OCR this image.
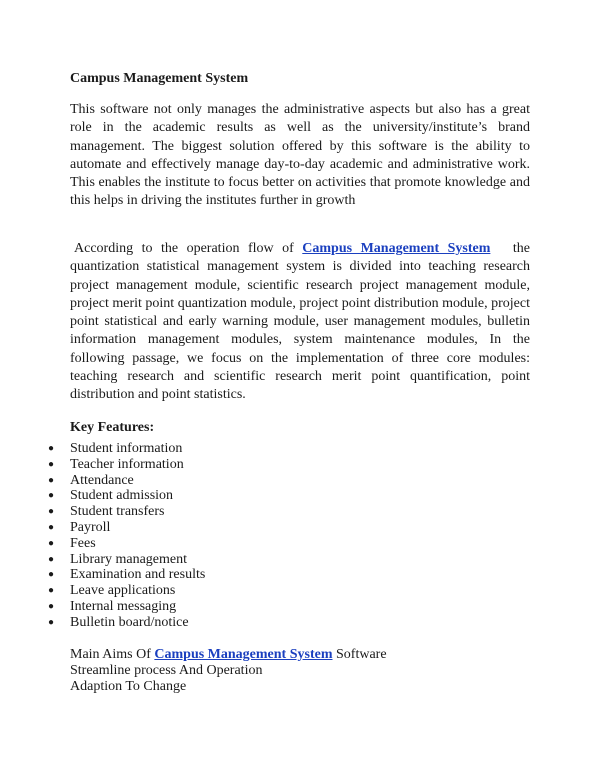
Campus Management System

This software not only manages the administrative aspects but also has a great role in the academic results as well as the university/institute’s brand management. The biggest solution offered by this software is the ability to automate and effectively manage day-to-day academic and administrative work. This enables the institute to focus better on activities that promote knowledge and this helps in driving the institutes further in growth

According to the operation flow of Campus Management System the quantization statistical management system is divided into teaching research project management module, scientific research project management module, project merit point quantization module, project point distribution module, project point statistical and early warning module, user management modules, bulletin information management modules, system maintenance modules, In the following passage, we focus on the implementation of three core modules: teaching research and scientific research merit point quantification, point distribution and point statistics.

Key Features:
● Student information
● Teacher information
● Attendance
● Student admission
● Student transfers
● Payroll
● Fees
● Library management
● Examination and results
● Leave applications
● Internal messaging
● Bulletin board/notice
Main Aims Of Campus Management System Software
Streamline process And Operation
Adaption To Change
